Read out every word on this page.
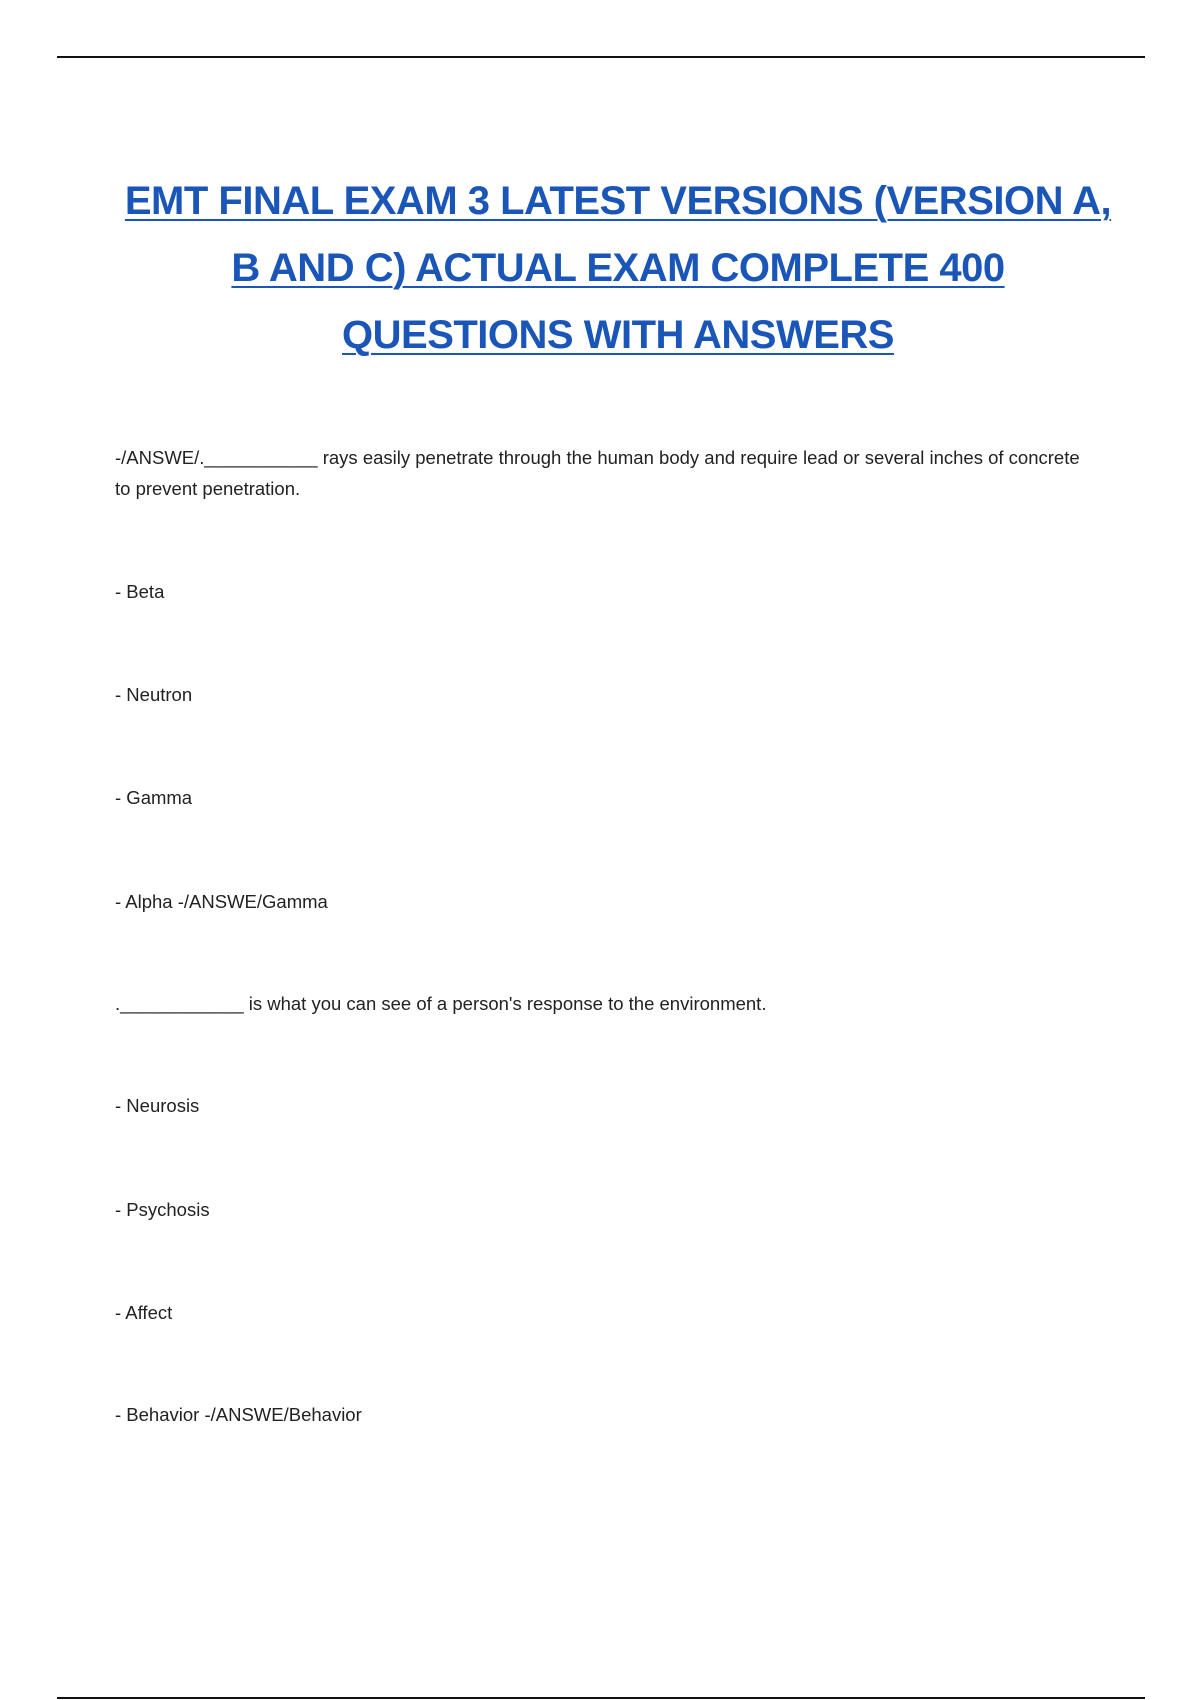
EMT FINAL EXAM 3 LATEST VERSIONS (VERSION A, B AND C) ACTUAL EXAM COMPLETE 400 QUESTIONS WITH ANSWERS
-/ANSWE/.___________ rays easily penetrate through the human body and require lead or several inches of concrete to prevent penetration.
- Beta
- Neutron
- Gamma
- Alpha -/ANSWE/Gamma
.____________ is what you can see of a person's response to the environment.
- Neurosis
- Psychosis
- Affect
- Behavior -/ANSWE/Behavior
